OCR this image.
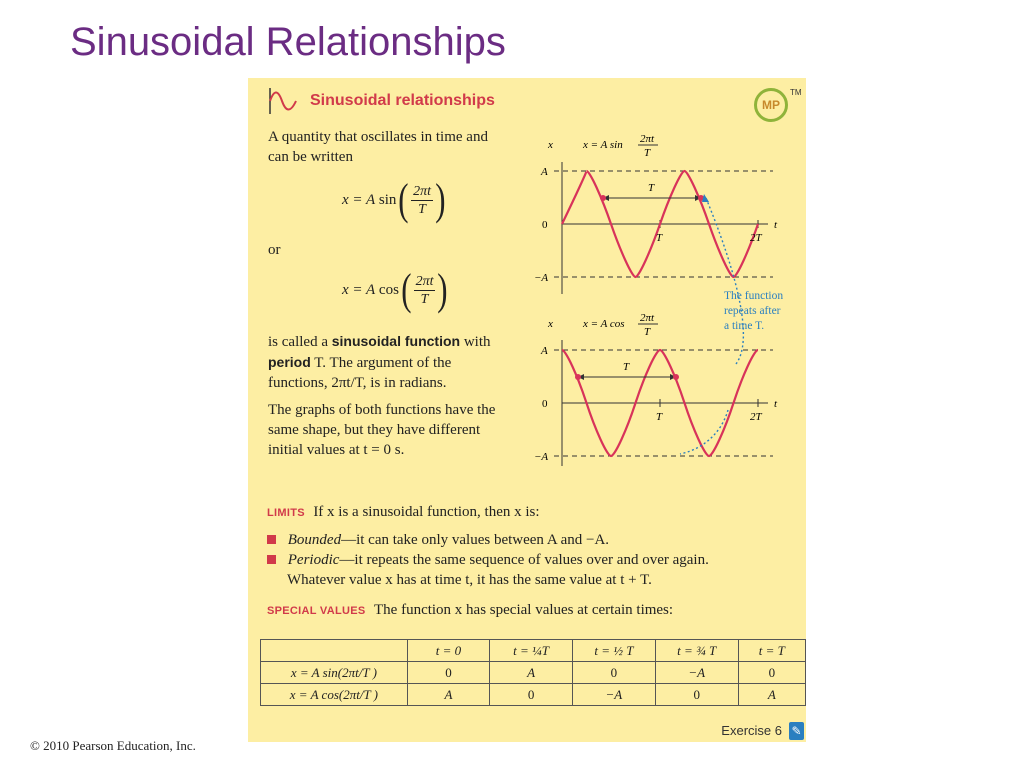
Sinusoidal Relationships
Sinusoidal relationships	MP
TM
A quantity that oscillates in time and
can be written
x = A
sin ( $\frac{2\pi t}{T}$ )
or
x = A
cos ( $\frac{2\pi t}{T}$ )
is called a sinusoidal function with
period T. The argument of the
functions, 2πt/T, is in radians.
The graphs of both functions have the
same shape, but they have different
initial values at t = 0 s.
x	x = A sin 2πt
T
A
0
−A
t
T	2T
T
x	x = A cos 2πt
T
A
0
−A
t
T	2T
T
The function
repeats after
a time T.
LIMITS If x is a sinusoidal function, then x is:
Bounded—it can take only values between A and −A.
Periodic—it repeats the same sequence of values over and over again.
Whatever value x has at time t, it has the same value at t + T.
SPECIAL VALUES The function x has special values at certain times:
	t = 0	t = ¼T	t = ½ T	t = ¾ T	t = T
x = A sin(2πt/T )	0	A	0	−A	0
x = A cos(2πt/T )	A	0	−A	0	A
Exercise 6 ✎
© 2010 Pearson Education, Inc.
